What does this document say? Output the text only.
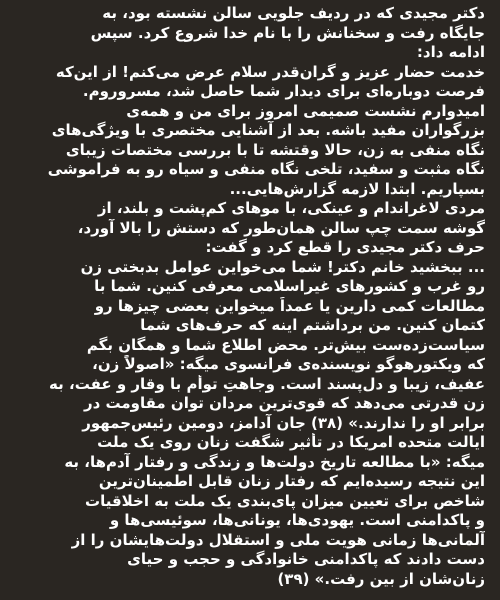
دکتر مجیدی که در ردیف جلویی سالن نشسته بود، به
جایگاه رفت و سخنانش را با نام خدا شروع کرد. سپس
ادامه داد:
خدمت حضار عزیز و گران‌قدر سلام عرض می‌کنم! از این‌که
فرصت دوباره‌ای برای دیدار شما حاصل شد، مسروروم.
امیدوارم نشست صمیمی امروز برای من و همه‌ی
بزرگواران مفید باشه. بعد از آشنایی مختصری با ویژگی‌های
نگاه منفی به زن، حالا وقتشه تا با بررسی مختصات زیبای
نگاه مثبت و سفید، تلخی نگاه منفی و سیاه رو به فراموشی
بسپاریم. ابتدا لازمه گزارش‌هایی...
مردی لاغراندام و عینکی، با موهای کم‌پشت و بلند، از
گوشه سمت چپ سالن همان‌طور که دستش را بالا آورد،
حرف دکتر مجیدی را قطع کرد و گفت:
... ببخشید خانم دکتر! شما می‌خواین عوامل بدبختی زن
رو غرب و کشورهای غیراسلامی معرفی کنین. شما با
مطالعات کمی دارین یا عمداً میخواین بعضی چیزها رو
کتمان کنین. من برداشتم اینه که حرف‌های شما
سیاست‌زده‌ست بیش‌تر. محض اطلاع شما و همگان بگم
که ویکتورهوگو نویسنده‌ی فرانسوی میگه: «اصولاً زن،
عفیف، زیبا و دل‌پسند است. وجاهتِ توأم با وقار و عفت، به
زن قدرتی می‌دهد که قوی‌ترین مردان توان مقاومت در
برابر او را ندارند.» (۳۸) جان آدامز، دومین رئیس‌جمهور
ایالت متحده امریکا در تأثیر شگفت زنان روی یک ملت
میگه: «با مطالعه تاریخ دولت‌ها و زندگی و رفتار آدم‌ها، به
این نتیجه رسیده‌ایم که رفتار زنان قابل اطمینان‌ترین
شاخص برای تعیین میزان پای‌بندی یک ملت به اخلاقیات
و پاکدامنی است. یهودی‌ها، یونانی‌ها، سوئیسی‌ها و
آلمانی‌ها زمانی هویت ملی و استقلال دولت‌هایشان را از
دست دادند که پاکدامنی خانوادگی و حجب و حیای
زنان‌شان از بین رفت.» (۳۹)
